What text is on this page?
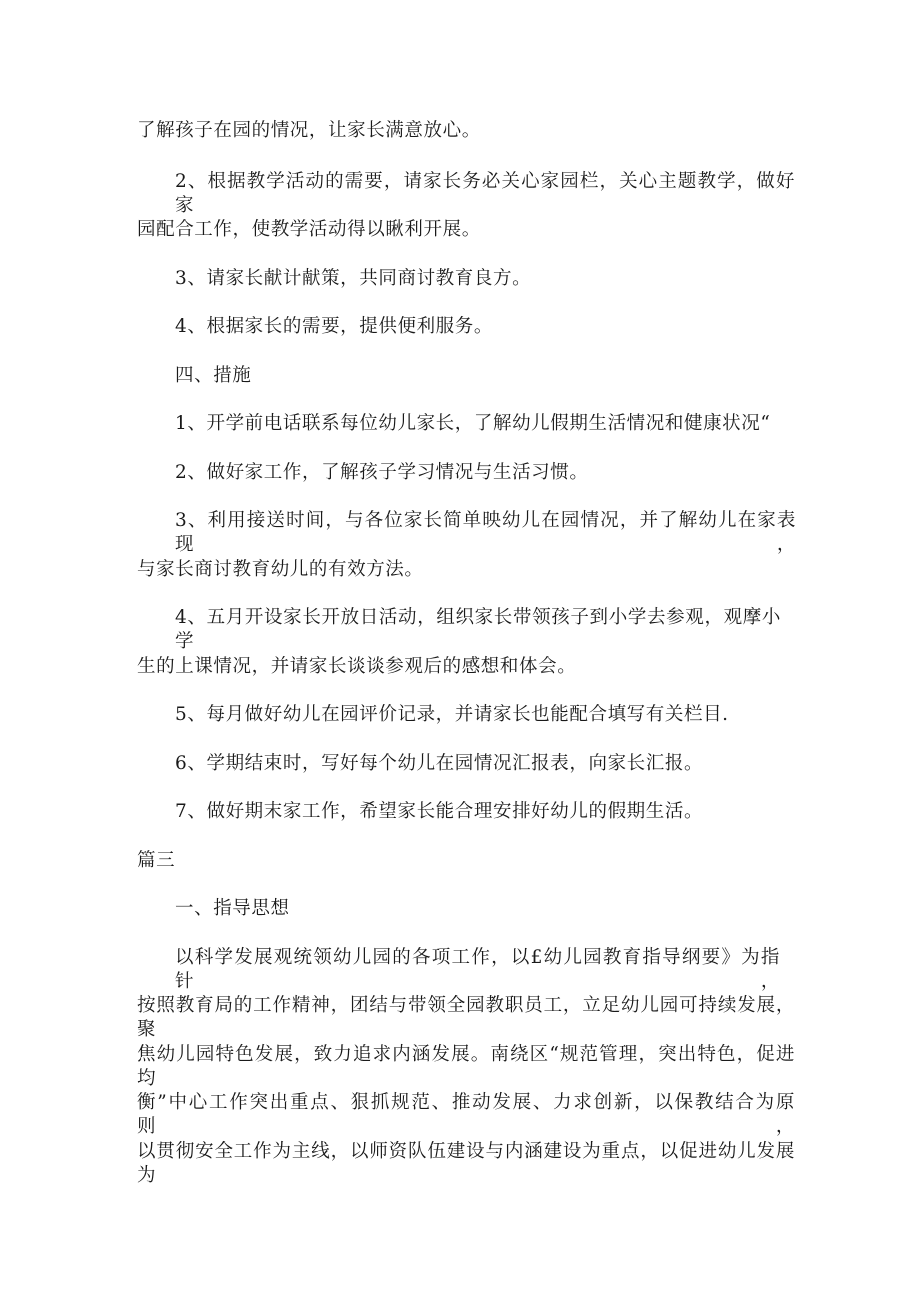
了解孩子在园的情况，让家长满意放心。
2、根据教学活动的需要，请家长务必关心家园栏，关心主题教学，做好家
园配合工作，使教学活动得以瞅利开展。
3、请家长献计献策，共同商讨教育良方。
4、根据家长的需要，提供便利服务。
四、措施
1、开学前电话联系每位幼儿家长，了解幼儿假期生活情况和健康状况“
2、做好家工作，了解孩子学习情况与生活习惯。
3、利用接送时间，与各位家长简单映幼儿在园情况，并了解幼儿在家表现，
与家长商讨教育幼儿的有效方法。
4、五月开设家长开放日活动，组织家长带领孩子到小学去参观，观摩小学
生的上课情况，并请家长谈谈参观后的感想和体会。
5、每月做好幼儿在园评价记录，并请家长也能配合填写有关栏目.
6、学期结束时，写好每个幼儿在园情况汇报表，向家长汇报。
7、做好期末家工作，希望家长能合理安排好幼儿的假期生活。
篇三
一、指导思想
以科学发展观统领幼儿园的各项工作，以£幼儿园教育指导纲要》为指针，
按照教育局的工作精神，团结与带领全园教职员工，立足幼儿园可持续发展，聚
焦幼儿园特色发展，致力追求内涵发展。南绕区“规范管理，突出特色，促进均
衡”中心工作突出重点、狠抓规范、推动发展、力求创新，以保教结合为原则，
以贯彻安全工作为主线，以师资队伍建设与内涵建设为重点，以促进幼儿发展为
